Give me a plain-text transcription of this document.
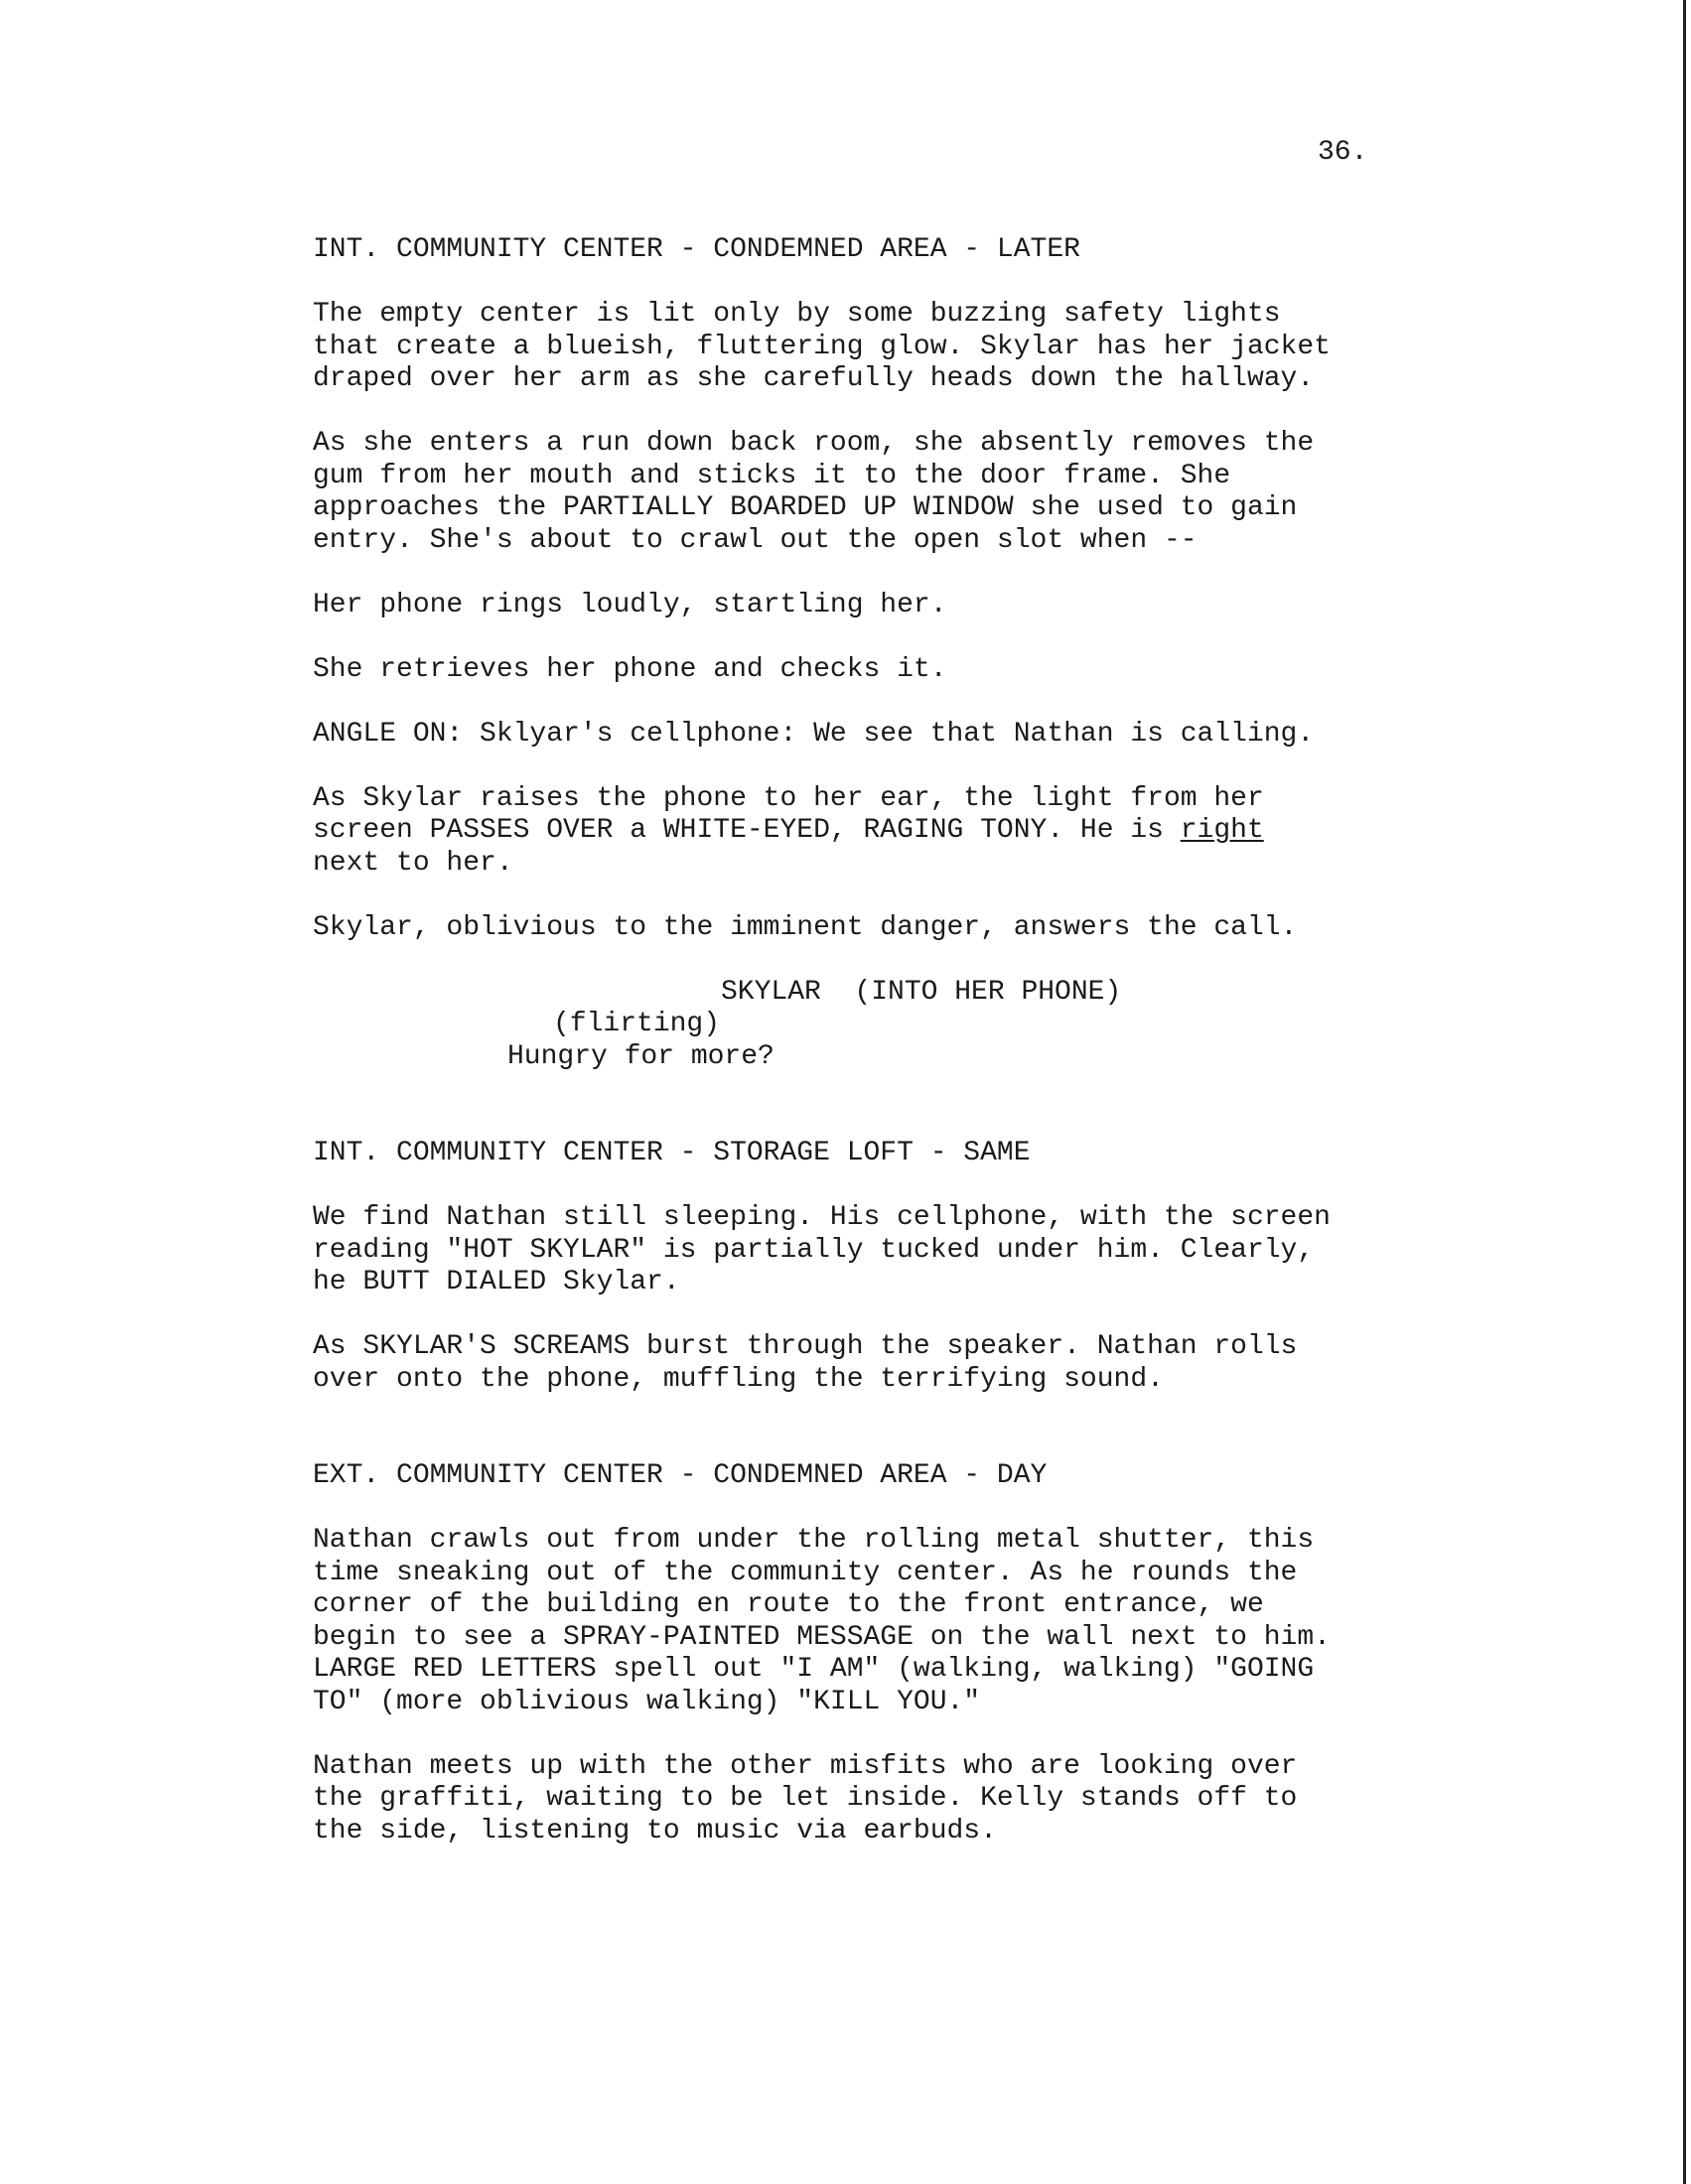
36.
INT. COMMUNITY CENTER - CONDEMNED AREA - LATER
The empty center is lit only by some buzzing safety lights
that create a blueish, fluttering glow. Skylar has her jacket
draped over her arm as she carefully heads down the hallway.
As she enters a run down back room, she absently removes the
gum from her mouth and sticks it to the door frame. She
approaches the PARTIALLY BOARDED UP WINDOW she used to gain
entry. She's about to crawl out the open slot when --
Her phone rings loudly, startling her.
She retrieves her phone and checks it.
ANGLE ON: Sklyar's cellphone: We see that Nathan is calling.
As Skylar raises the phone to her ear, the light from her
screen PASSES OVER a WHITE-EYED, RAGING TONY. He is right
next to her.
Skylar, oblivious to the imminent danger, answers the call.
SKYLAR  (INTO HER PHONE)
(flirting)
Hungry for more?
INT. COMMUNITY CENTER - STORAGE LOFT - SAME
We find Nathan still sleeping. His cellphone, with the screen
reading "HOT SKYLAR" is partially tucked under him. Clearly,
he BUTT DIALED Skylar.
As SKYLAR'S SCREAMS burst through the speaker. Nathan rolls
over onto the phone, muffling the terrifying sound.
EXT. COMMUNITY CENTER - CONDEMNED AREA - DAY
Nathan crawls out from under the rolling metal shutter, this
time sneaking out of the community center. As he rounds the
corner of the building en route to the front entrance, we
begin to see a SPRAY-PAINTED MESSAGE on the wall next to him.
LARGE RED LETTERS spell out "I AM" (walking, walking) "GOING
TO" (more oblivious walking) "KILL YOU."
Nathan meets up with the other misfits who are looking over
the graffiti, waiting to be let inside. Kelly stands off to
the side, listening to music via earbuds.
